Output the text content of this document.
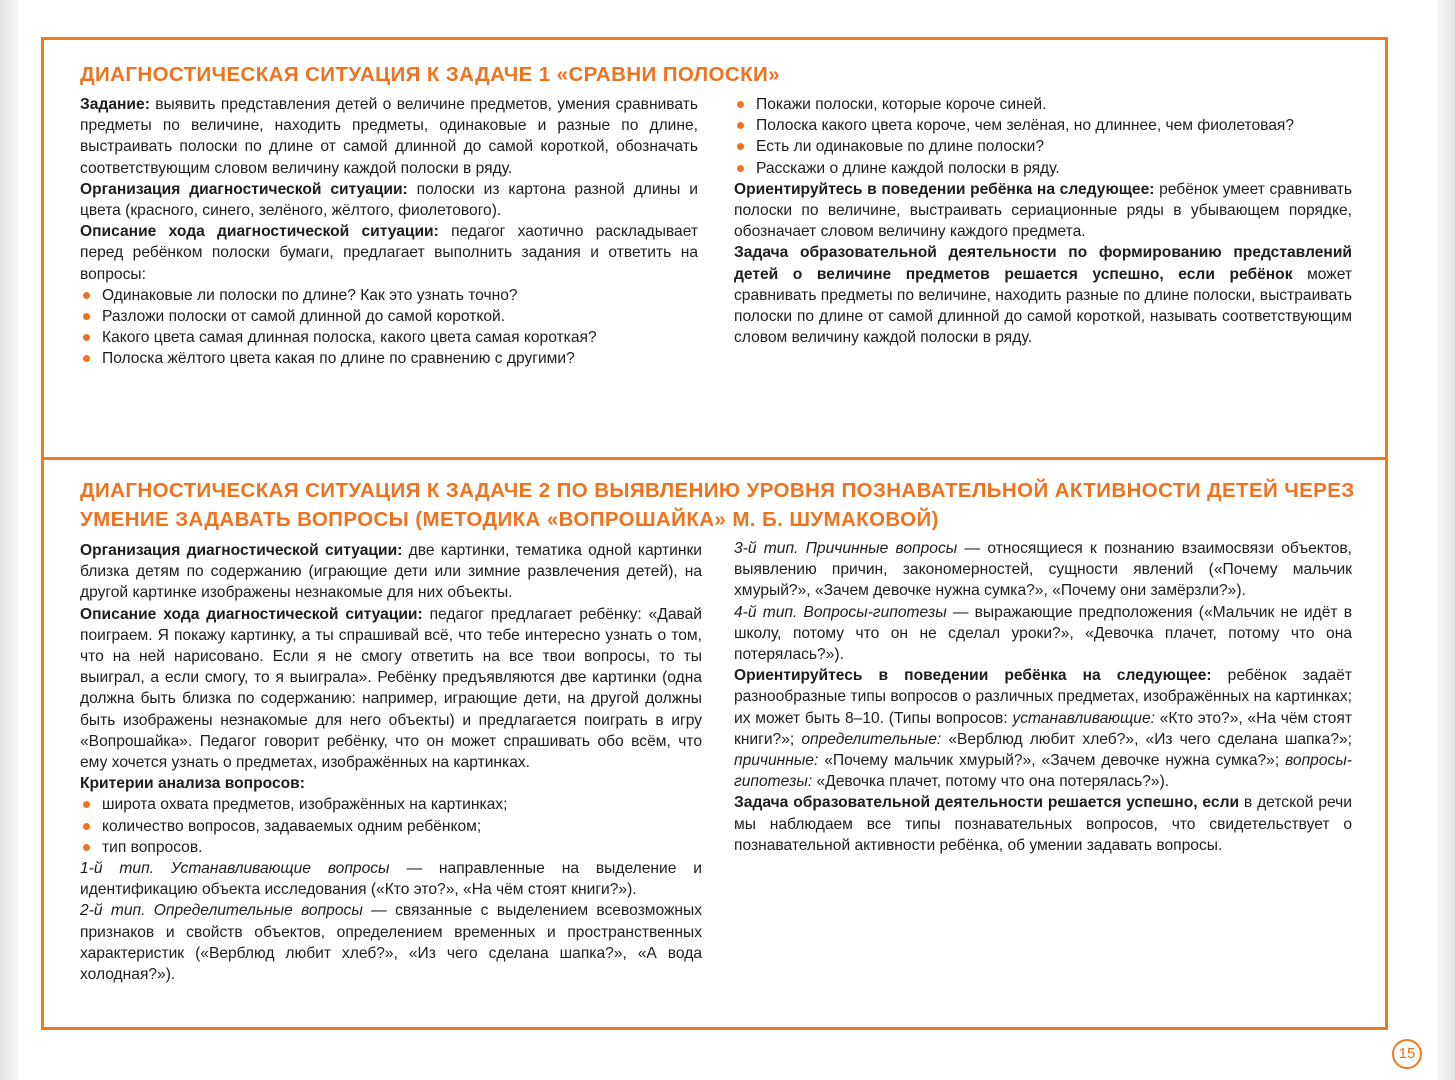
ДИАГНОСТИЧЕСКАЯ СИТУАЦИЯ К ЗАДАЧЕ 1 «СРАВНИ ПОЛОСКИ»

Задание: выявить представления детей о величине предметов, умения сравнивать предметы по величине, находить предметы, одинаковые и разные по длине, выстраивать полоски по длине от самой длинной до самой короткой, обозначать соответствующим словом величину каждой полоски в ряду.

Организация диагностической ситуации: полоски из картона разной длины и цвета (красного, синего, зелёного, жёлтого, фиолетового).

Описание хода диагностической ситуации: педагог хаотично раскладывает перед ребёнком полоски бумаги, предлагает выполнить задания и ответить на вопросы:

Одинаковые ли полоски по длине? Как это узнать точно?
Разложи полоски от самой длинной до самой короткой.
Какого цвета самая длинная полоска, какого цвета самая короткая?
Полоска жёлтого цвета какая по длине по сравнению с другими?
Покажи полоски, которые короче синей.
Полоска какого цвета короче, чем зелёная, но длиннее, чем фиолетовая?
Есть ли одинаковые по длине полоски?
Расскажи о длине каждой полоски в ряду.

Ориентируйтесь в поведении ребёнка на следующее: ребёнок умеет сравнивать полоски по величине, выстраивать сериационные ряды в убывающем порядке, обозначает словом величину каждого предмета.

Задача образовательной деятельности по формированию представлений детей о величине предметов решается успешно, если ребёнок может сравнивать предметы по величине, находить разные по длине полоски, выстраивать полоски по длине от самой длинной до самой короткой, называть соответствующим словом величину каждой полоски в ряду.

ДИАГНОСТИЧЕСКАЯ СИТУАЦИЯ К ЗАДАЧЕ 2 ПО ВЫЯВЛЕНИЮ УРОВНЯ ПОЗНАВАТЕЛЬНОЙ АКТИВНОСТИ ДЕТЕЙ ЧЕРЕЗ УМЕНИЕ ЗАДАВАТЬ ВОПРОСЫ (МЕТОДИКА «ВОПРОШАЙКА» М. Б. ШУМАКОВОЙ)

Организация диагностической ситуации: две картинки, тематика одной картинки близка детям по содержанию (играющие дети или зимние развлечения детей), на другой картинке изображены незнакомые для них объекты.

Описание хода диагностической ситуации: педагог предлагает ребёнку: «Давай поиграем. Я покажу картинку, а ты спрашивай всё, что тебе интересно узнать о том, что на ней нарисовано. Если я не смогу ответить на все твои вопросы, то ты выиграл, а если смогу, то я выиграла». Ребёнку предъявляются две картинки (одна должна быть близка по содержанию: например, играющие дети, на другой должны быть изображены незнакомые для него объекты) и предлагается поиграть в игру «Вопрошайка». Педагог говорит ребёнку, что он может спрашивать обо всём, что ему хочется узнать о предметах, изображённых на картинках.

Критерии анализа вопросов:

широта охвата предметов, изображённых на картинках;
количество вопросов, задаваемых одним ребёнком;
тип вопросов.

1-й тип. Устанавливающие вопросы — направленные на выделение и идентификацию объекта исследования («Кто это?», «На чём стоят книги?»).

2-й тип. Определительные вопросы — связанные с выделением всевозможных признаков и свойств объектов, определением временных и пространственных характеристик («Верблюд любит хлеб?», «Из чего сделана шапка?», «А вода холодная?»).

3-й тип. Причинные вопросы — относящиеся к познанию взаимосвязи объектов, выявлению причин, закономерностей, сущности явлений («Почему мальчик хмурый?», «Зачем девочке нужна сумка?», «Почему они замёрзли?»).

4-й тип. Вопросы-гипотезы — выражающие предположения («Мальчик не идёт в школу, потому что он не сделал уроки?», «Девочка плачет, потому что она потерялась?»).

Ориентируйтесь в поведении ребёнка на следующее: ребёнок задаёт разнообразные типы вопросов о различных предметах, изображённых на картинках; их может быть 8–10. (Типы вопросов: устанавливающие: «Кто это?», «На чём стоят книги?»; определительные: «Верблюд любит хлеб?», «Из чего сделана шапка?»; причинные: «Почему мальчик хмурый?», «Зачем девочке нужна сумка?»; вопросы-гипотезы: «Девочка плачет, потому что она потерялась?»).

Задача образовательной деятельности решается успешно, если в детской речи мы наблюдаем все типы познавательных вопросов, что свидетельствует о познавательной активности ребёнка, об умении задавать вопросы.

15
